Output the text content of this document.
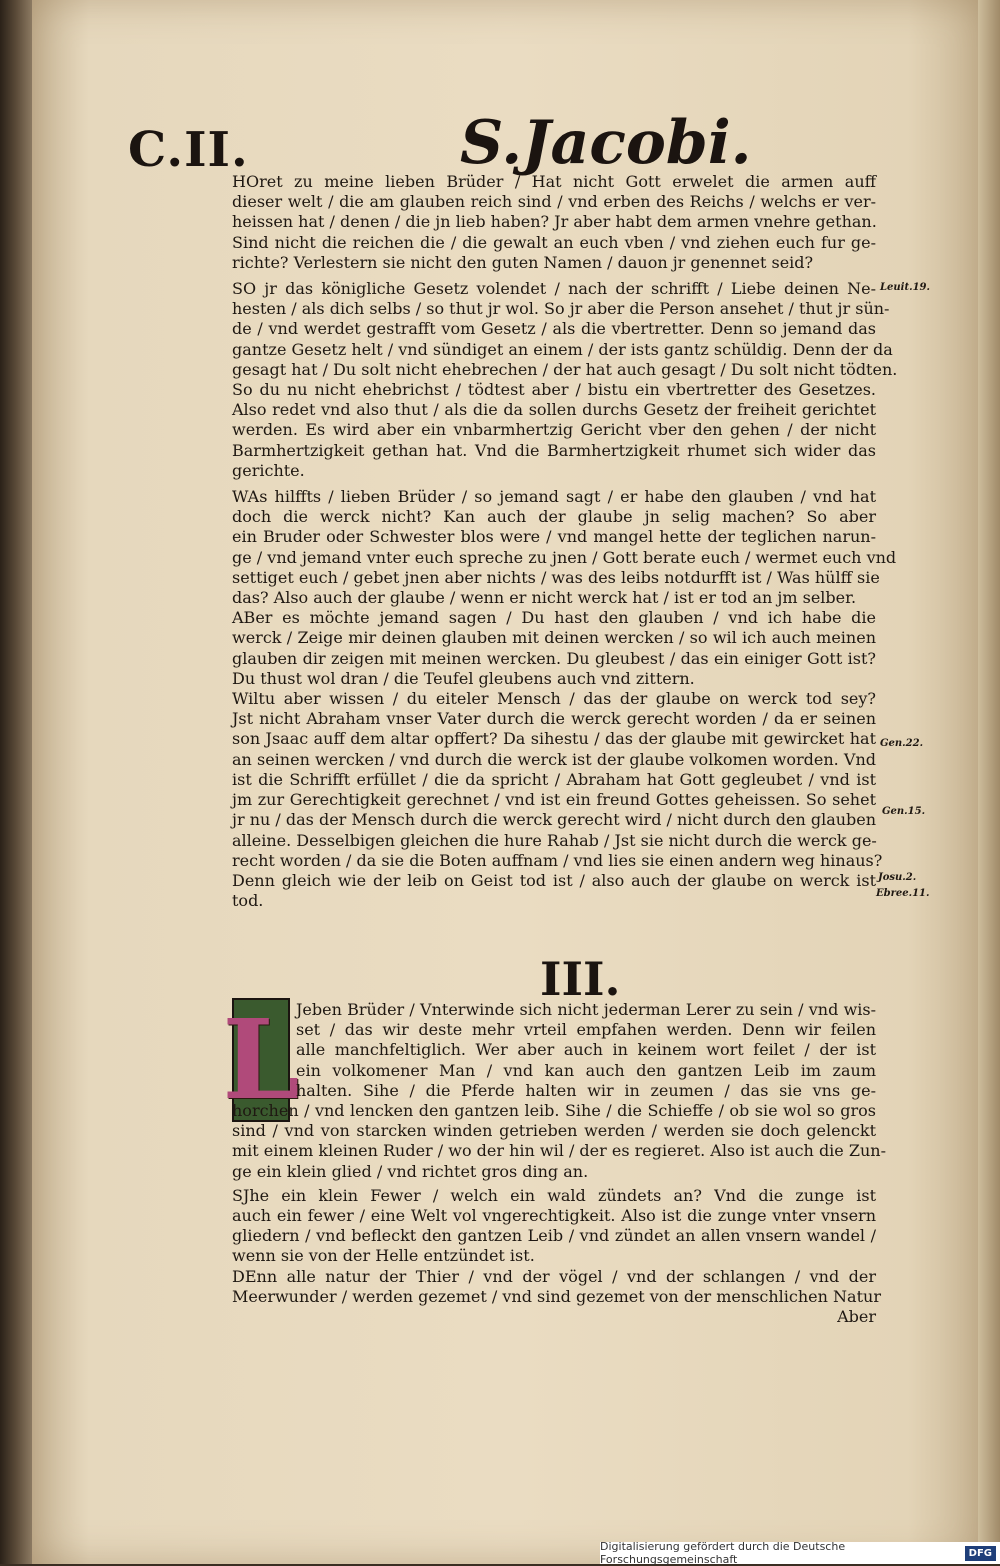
C.II.	S.Jacobi.
HOret zu meine lieben Brüder / Hat nicht Gott erwelet die armen auff
dieser welt / die am glauben reich sind / vnd erben des Reichs / welchs er ver-
heissen hat / denen / die jn lieb haben? Jr aber habt dem armen vnehre gethan.
Sind nicht die reichen die / die gewalt an euch vben / vnd ziehen euch fur ge-
richte? Verlestern sie nicht den guten Namen / dauon jr genennet seid?
SO jr das königliche Gesetz volendet / nach der schrifft / Liebe deinen Ne-
hesten / als dich selbs / so thut jr wol. So jr aber die Person ansehet / thut jr sün-
de / vnd werdet gestrafft vom Gesetz / als die vbertretter. Denn so jemand das
gantze Gesetz helt / vnd sündiget an einem / der ists gantz schüldig. Denn der da
gesagt hat / Du solt nicht ehebrechen / der hat auch gesagt / Du solt nicht tödten.
So du nu nicht ehebrichst / tödtest aber / bistu ein vbertretter des Gesetzes.
Also redet vnd also thut / als die da sollen durchs Gesetz der freiheit gerichtet
werden. Es wird aber ein vnbarmhertzig Gericht vber den gehen / der nicht
Barmhertzigkeit gethan hat. Vnd die Barmhertzigkeit rhumet sich wider das
gerichte.
WAs hilffts / lieben Brüder / so jemand sagt / er habe den glauben / vnd hat
doch die werck nicht? Kan auch der glaube jn selig machen? So aber
ein Bruder oder Schwester blos were / vnd mangel hette der teglichen narun-
ge / vnd jemand vnter euch spreche zu jnen / Gott berate euch / wermet euch vnd
settiget euch / gebet jnen aber nichts / was des leibs notdurfft ist / Was hülff sie
das? Also auch der glaube / wenn er nicht werck hat / ist er tod an jm selber.
ABer es möchte jemand sagen / Du hast den glauben / vnd ich habe die
werck / Zeige mir deinen glauben mit deinen wercken / so wil ich auch meinen
glauben dir zeigen mit meinen wercken. Du gleubest / das ein einiger Gott ist?
Du thust wol dran / die Teufel gleubens auch vnd zittern.
Wiltu aber wissen / du eiteler Mensch / das der glaube on werck tod sey?
Jst nicht Abraham vnser Vater durch die werck gerecht worden / da er seinen
son Jsaac auff dem altar opffert? Da sihestu / das der glaube mit gewircket hat
an seinen wercken / vnd durch die werck ist der glaube volkomen worden. Vnd
ist die Schrifft erfüllet / die da spricht / Abraham hat Gott gegleubet / vnd ist
jm zur Gerechtigkeit gerechnet / vnd ist ein freund Gottes geheissen. So sehet
jr nu / das der Mensch durch die werck gerecht wird / nicht durch den glauben
alleine. Desselbigen gleichen die hure Rahab / Jst sie nicht durch die werck ge-
recht worden / da sie die Boten auffnam / vnd lies sie einen andern weg hinaus?
Denn gleich wie der leib on Geist tod ist / also auch der glaube on werck ist
tod.
Leuit.19.
Gen.22.
Gen.15.
Josu.2.
Ebree.11.
III.
L
Jeben Brüder / Vnterwinde sich nicht jederman Lerer zu sein / vnd wis-
set / das wir deste mehr vrteil empfahen werden. Denn wir feilen
alle manchfeltiglich. Wer aber auch in keinem wort feilet / der ist
ein volkomener Man / vnd kan auch den gantzen Leib im zaum
halten. Sihe / die Pferde halten wir in zeumen / das sie vns ge-
horchen / vnd lencken den gantzen leib. Sihe / die Schieffe / ob sie wol so gros
sind / vnd von starcken winden getrieben werden / werden sie doch gelenckt
mit einem kleinen Ruder / wo der hin wil / der es regieret. Also ist auch die Zun-
ge ein klein glied / vnd richtet gros ding an.
SJhe ein klein Fewer / welch ein wald zündets an? Vnd die zunge ist
auch ein fewer / eine Welt vol vngerechtigkeit. Also ist die zunge vnter vnsern
gliedern / vnd befleckt den gantzen Leib / vnd zündet an allen vnsern wandel /
wenn sie von der Helle entzündet ist.
DEnn alle natur der Thier / vnd der vögel / vnd der schlangen / vnd der
Meerwunder / werden gezemet / vnd sind gezemet von der menschlichen Natur
Aber
Digitalisierung gefördert durch die Deutsche Forschungsgemeinschaft	DFG
